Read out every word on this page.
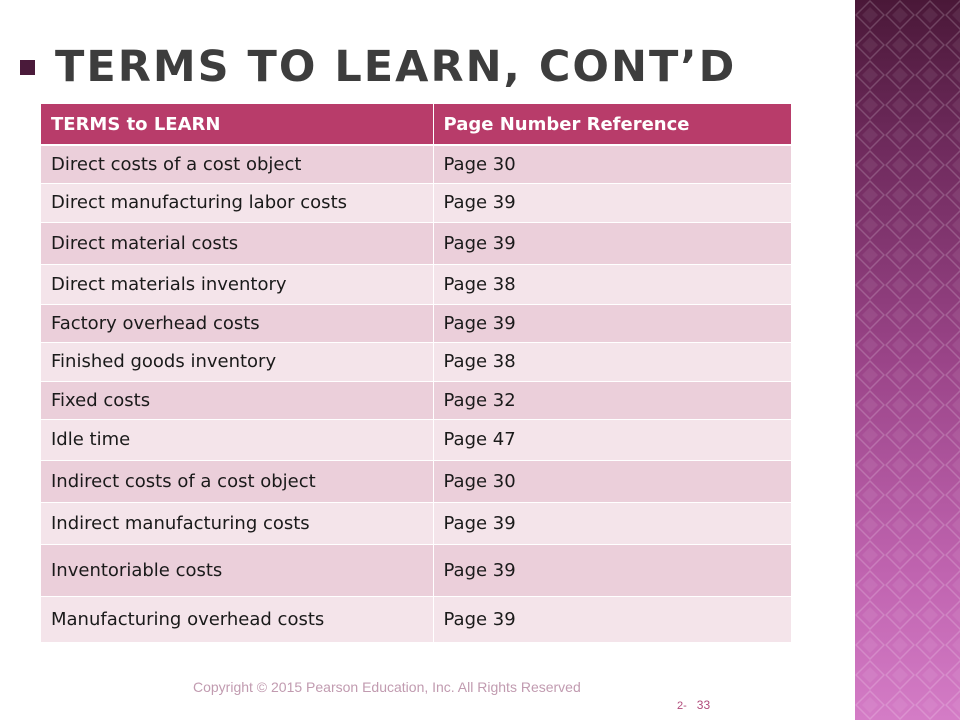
TERMS TO LEARN, CONT’D
TERMS to LEARN	Page Number Reference
Direct costs of a cost object	Page 30
Direct manufacturing labor costs	Page 39
Direct material costs	Page 39
Direct materials inventory	Page 38
Factory overhead costs	Page 39
Finished goods inventory	Page 38
Fixed costs	Page 32
Idle time	Page 47
Indirect costs of a cost object	Page 30
Indirect manufacturing costs	Page 39
Inventoriable costs	Page 39
Manufacturing overhead costs	Page 39
Copyright © 2015 Pearson Education, Inc. All Rights Reserved
2- 33
